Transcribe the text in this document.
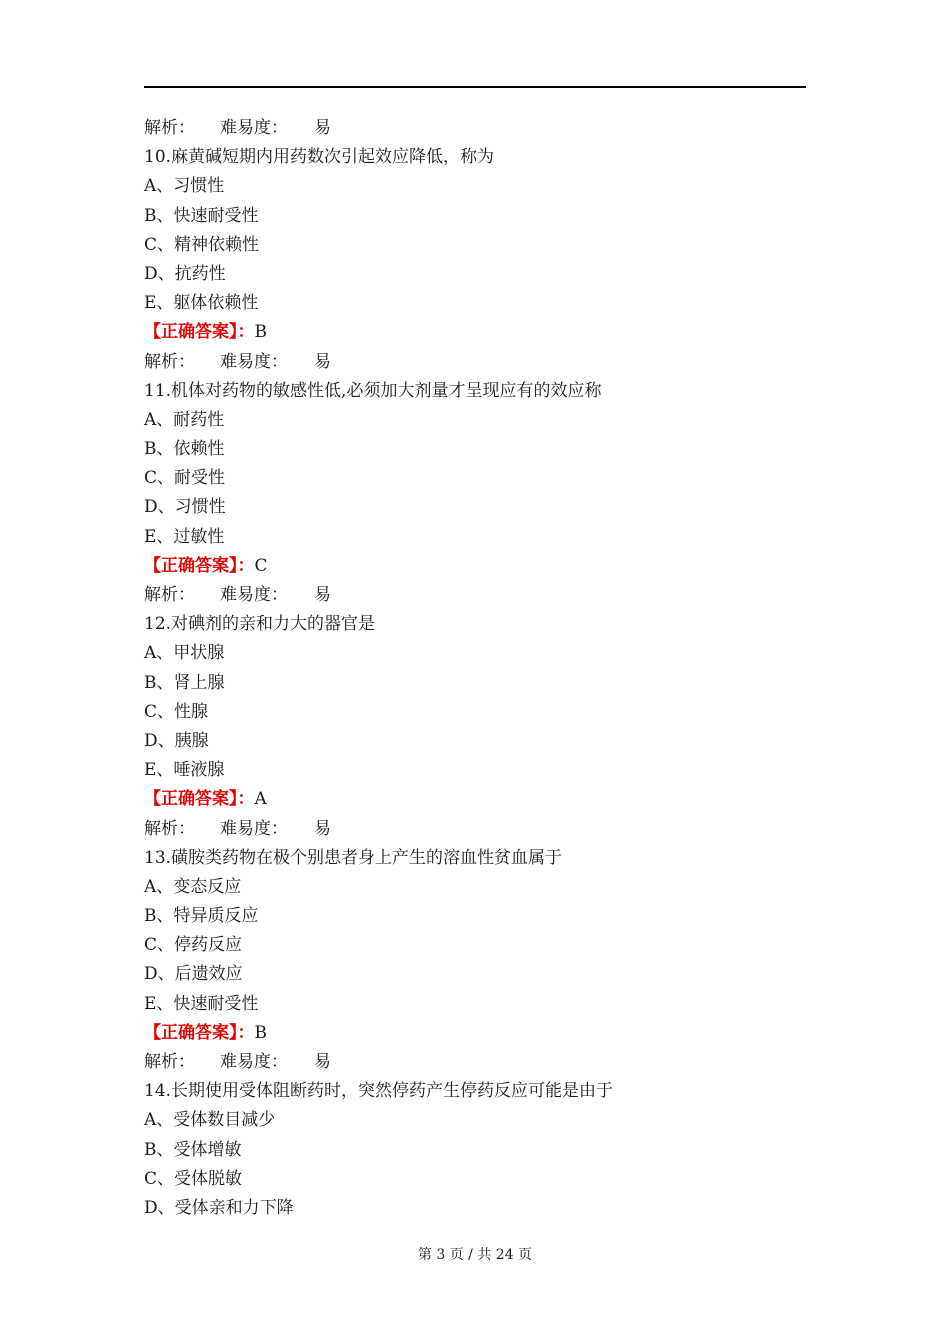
解析： 难易度： 易
10.麻黄碱短期内用药数次引起效应降低，称为
A、习惯性
B、快速耐受性
C、精神依赖性
D、抗药性
E、躯体依赖性
【正确答案】：B
解析： 难易度： 易
11.机体对药物的敏感性低,必须加大剂量才呈现应有的效应称
A、耐药性
B、依赖性
C、耐受性
D、习惯性
E、过敏性
【正确答案】：C
解析： 难易度： 易
12.对碘剂的亲和力大的器官是
A、甲状腺
B、肾上腺
C、性腺
D、胰腺
E、唾液腺
【正确答案】：A
解析： 难易度： 易
13.磺胺类药物在极个别患者身上产生的溶血性贫血属于
A、变态反应
B、特异质反应
C、停药反应
D、后遗效应
E、快速耐受性
【正确答案】：B
解析： 难易度： 易
14.长期使用受体阻断药时，突然停药产生停药反应可能是由于
A、受体数目减少
B、受体增敏
C、受体脱敏
D、受体亲和力下降
第 3 页 / 共 24 页
